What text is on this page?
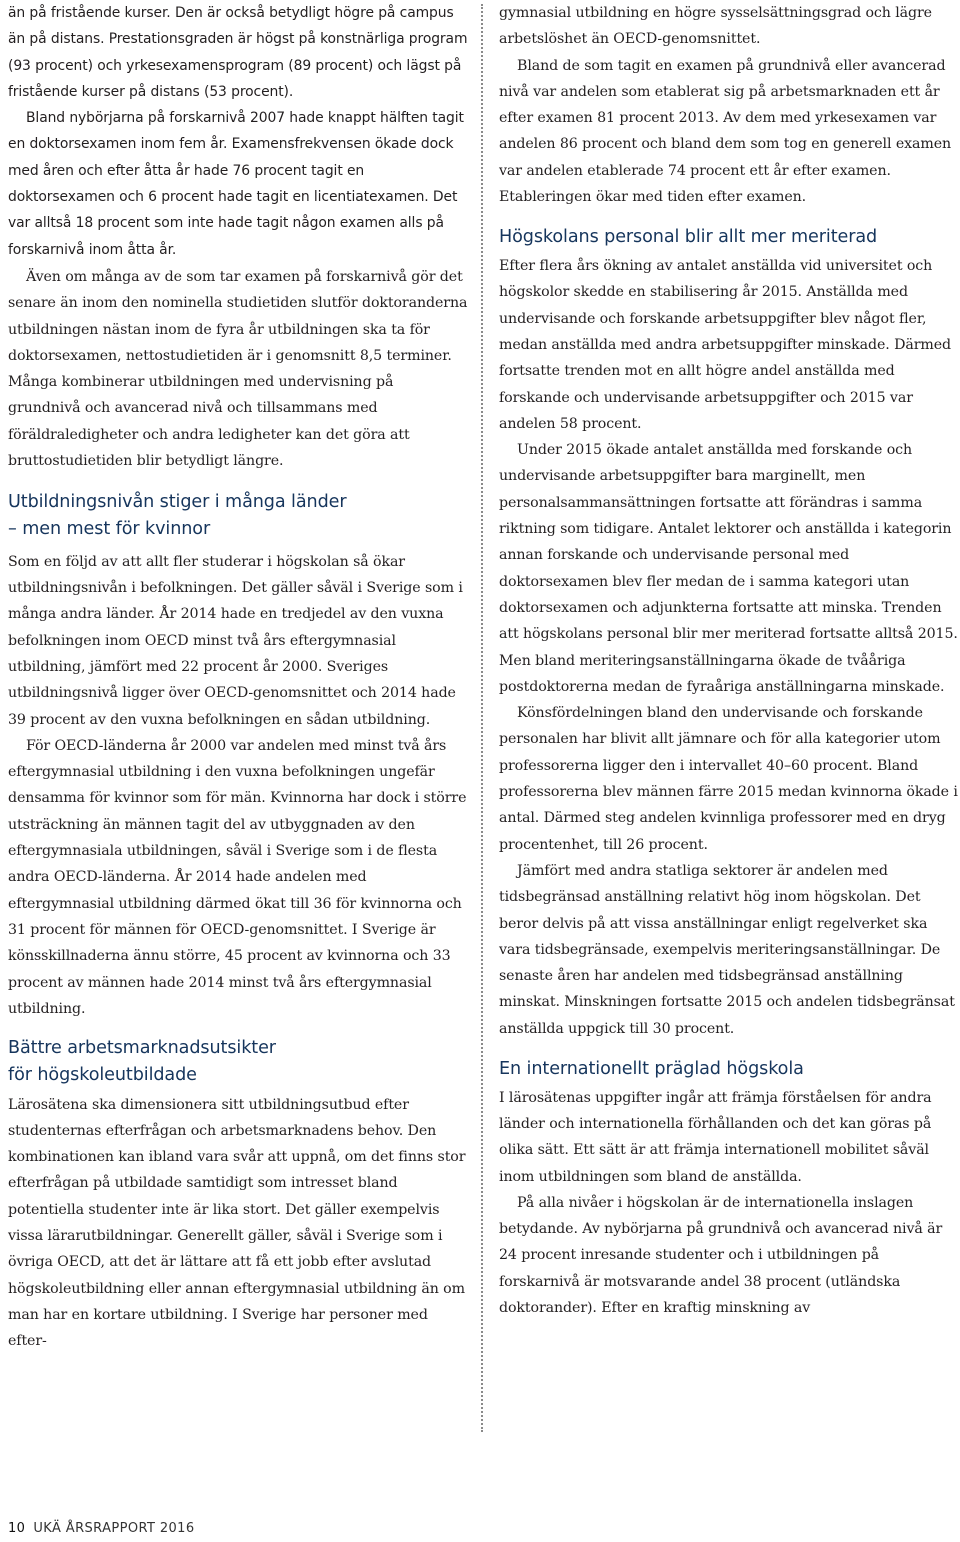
än på fristående kurser. Den är också betydligt högre på campus än på distans. Prestationsgraden är högst på konstnärliga program (93 procent) och yrkesexamensprogram (89 procent) och lägst på fristående kurser på distans (53 procent).

Bland nybörjarna på forskarnivå 2007 hade knappt hälften tagit en doktorsexamen inom fem år. Examensfrekvensen ökade dock med åren och efter åtta år hade 76 procent tagit en doktorsexamen och 6 procent hade tagit en licentiatexamen. Det var alltså 18 procent som inte hade tagit någon examen alls på forskarnivå inom åtta år.

Även om många av de som tar examen på forskarnivå gör det senare än inom den nominella studietiden slutför doktoranderna utbildningen nästan inom de fyra år utbildningen ska ta för doktorsexamen, nettostudietiden är i genomsnitt 8,5 terminer. Många kombinerar utbildningen med undervisning på grundnivå och avancerad nivå och tillsammans med föräldraledigheter och andra ledigheter kan det göra att bruttostudietiden blir betydligt längre.

Utbildningsnivån stiger i många länder
– men mest för kvinnor

Som en följd av att allt fler studerar i högskolan så ökar utbildningsnivån i befolkningen. Det gäller såväl i Sverige som i många andra länder. År 2014 hade en tredjedel av den vuxna befolkningen inom OECD minst två års eftergymnasial utbildning, jämfört med 22 procent år 2000. Sveriges utbildningsnivå ligger över OECD-genomsnittet och 2014 hade 39 procent av den vuxna befolkningen en sådan utbildning.

För OECD-länderna år 2000 var andelen med minst två års eftergymnasial utbildning i den vuxna befolkningen ungefär densamma för kvinnor som för män. Kvinnorna har dock i större utsträckning än männen tagit del av utbyggnaden av den eftergymnasiala utbildningen, såväl i Sverige som i de flesta andra OECD-länderna. År 2014 hade andelen med eftergymnasial utbildning därmed ökat till 36 för kvinnorna och 31 procent för männen för OECD-genomsnittet. I Sverige är könsskillnaderna ännu större, 45 procent av kvinnorna och 33 procent av männen hade 2014 minst två års eftergymnasial utbildning.

Bättre arbetsmarknadsutsikter
för högskoleutbildade

Lärosätena ska dimensionera sitt utbildningsutbud efter studenternas efterfrågan och arbetsmarknadens behov. Den kombinationen kan ibland vara svår att uppnå, om det finns stor efterfrågan på utbildade samtidigt som intresset bland potentiella studenter inte är lika stort. Det gäller exempelvis vissa lärarutbildningar. Generellt gäller, såväl i Sverige som i övriga OECD, att det är lättare att få ett jobb efter avslutad högskoleutbildning eller annan eftergymnasial utbildning än om man har en kortare utbildning. I Sverige har personer med efter-

gymnasial utbildning en högre sysselsättningsgrad och lägre arbetslöshet än OECD-genomsnittet.

Bland de som tagit en examen på grundnivå eller avancerad nivå var andelen som etablerat sig på arbetsmarknaden ett år efter examen 81 procent 2013. Av dem med yrkesexamen var andelen 86 procent och bland dem som tog en generell examen var andelen etablerade 74 procent ett år efter examen. Etableringen ökar med tiden efter examen.

Högskolans personal blir allt mer meriterad

Efter flera års ökning av antalet anställda vid universitet och högskolor skedde en stabilisering år 2015. Anställda med undervisande och forskande arbetsuppgifter blev något fler, medan anställda med andra arbetsuppgifter minskade. Därmed fortsatte trenden mot en allt högre andel anställda med forskande och undervisande arbetsuppgifter och 2015 var andelen 58 procent.

Under 2015 ökade antalet anställda med forskande och undervisande arbetsuppgifter bara marginellt, men personalsammansättningen fortsatte att förändras i samma riktning som tidigare. Antalet lektorer och anställda i kategorin annan forskande och undervisande personal med doktorsexamen blev fler medan de i samma kategori utan doktorsexamen och adjunkterna fortsatte att minska. Trenden att högskolans personal blir mer meriterad fortsatte alltså 2015. Men bland meriteringsanställningarna ökade de tvååriga postdoktorerna medan de fyraåriga anställningarna minskade.

Könsfördelningen bland den undervisande och forskande personalen har blivit allt jämnare och för alla kategorier utom professorerna ligger den i intervallet 40–60 procent. Bland professorerna blev männen färre 2015 medan kvinnorna ökade i antal. Därmed steg andelen kvinnliga professorer med en dryg procentenhet, till 26 procent.

Jämfört med andra statliga sektorer är andelen med tidsbegränsad anställning relativt hög inom högskolan. Det beror delvis på att vissa anställningar enligt regelverket ska vara tidsbegränsade, exempelvis meriteringsanställningar. De senaste åren har andelen med tidsbegränsad anställning minskat. Minskningen fortsatte 2015 och andelen tidsbegränsat anställda uppgick till 30 procent.

En internationellt präglad högskola

I lärosätenas uppgifter ingår att främja förståelsen för andra länder och internationella förhållanden och det kan göras på olika sätt. Ett sätt är att främja internationell mobilitet såväl inom utbildningen som bland de anställda.

På alla nivåer i högskolan är de internationella inslagen betydande. Av nybörjarna på grundnivå och avancerad nivå är 24 procent inresande studenter och i utbildningen på forskarnivå är motsvarande andel 38 procent (utländska doktorander). Efter en kraftig minskning av

10 UKÄ ÅRSRAPPORT 2016
